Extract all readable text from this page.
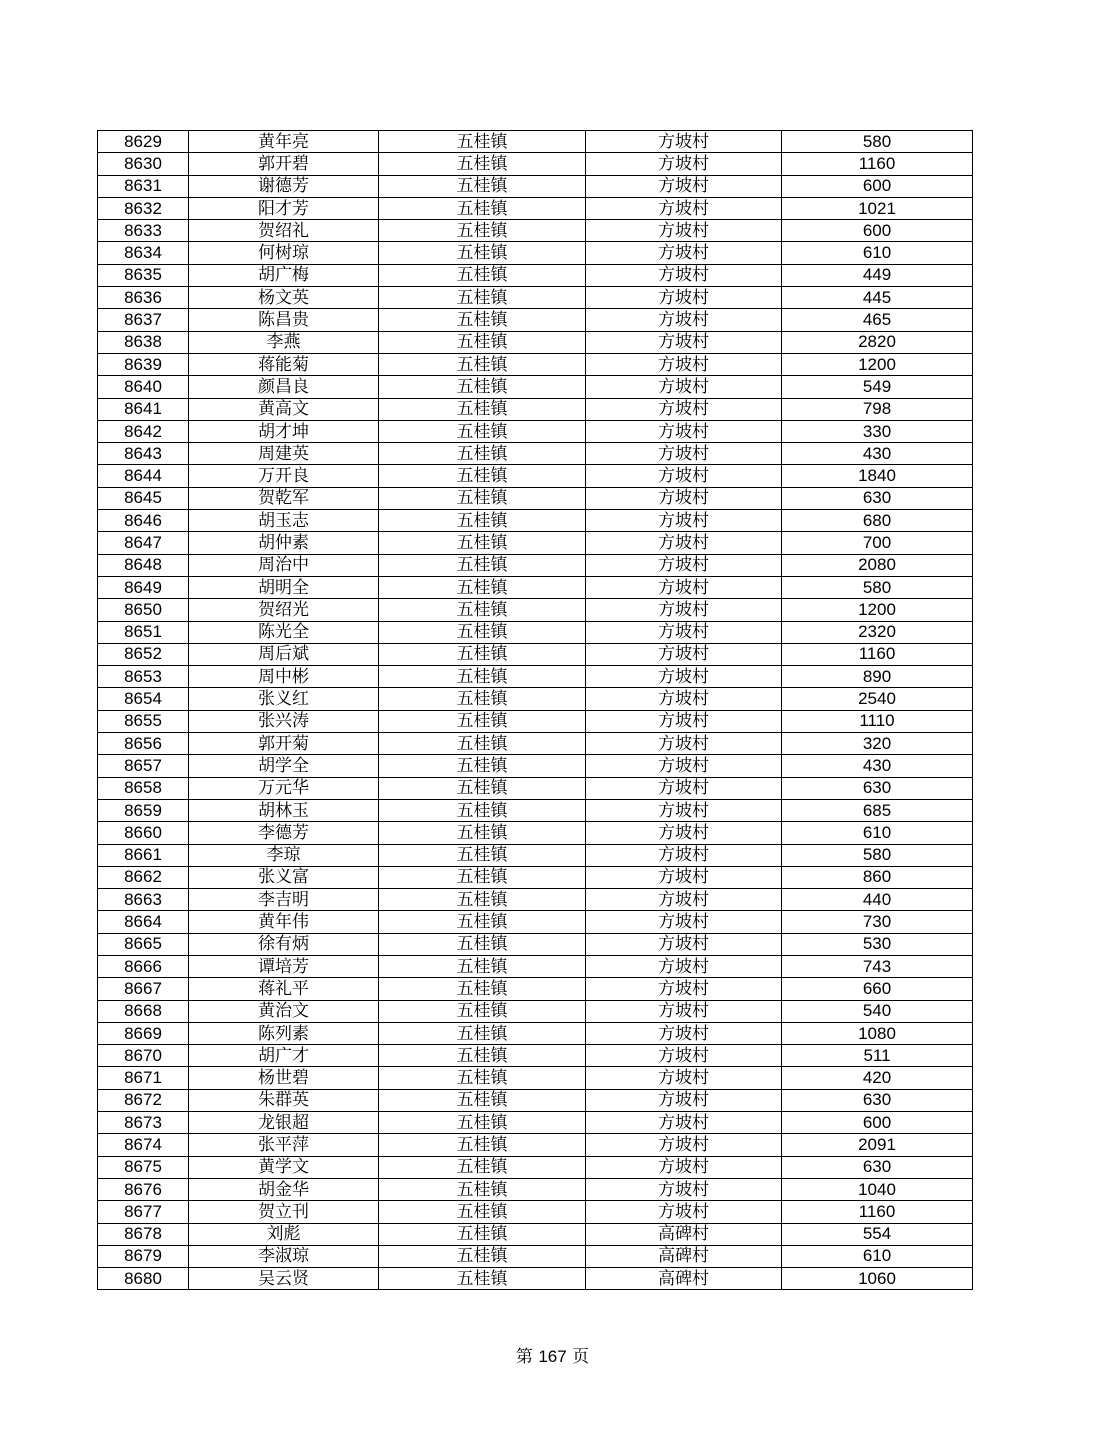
8629	黄年亮	五桂镇	方坡村	580
8630	郭开碧	五桂镇	方坡村	1160
8631	谢德芳	五桂镇	方坡村	600
8632	阳才芳	五桂镇	方坡村	1021
8633	贺绍礼	五桂镇	方坡村	600
8634	何树琼	五桂镇	方坡村	610
8635	胡广梅	五桂镇	方坡村	449
8636	杨文英	五桂镇	方坡村	445
8637	陈昌贵	五桂镇	方坡村	465
8638	李燕	五桂镇	方坡村	2820
8639	蒋能菊	五桂镇	方坡村	1200
8640	颜昌良	五桂镇	方坡村	549
8641	黄高文	五桂镇	方坡村	798
8642	胡才坤	五桂镇	方坡村	330
8643	周建英	五桂镇	方坡村	430
8644	万开良	五桂镇	方坡村	1840
8645	贺乾军	五桂镇	方坡村	630
8646	胡玉志	五桂镇	方坡村	680
8647	胡仲素	五桂镇	方坡村	700
8648	周治中	五桂镇	方坡村	2080
8649	胡明全	五桂镇	方坡村	580
8650	贺绍光	五桂镇	方坡村	1200
8651	陈光全	五桂镇	方坡村	2320
8652	周后斌	五桂镇	方坡村	1160
8653	周中彬	五桂镇	方坡村	890
8654	张义红	五桂镇	方坡村	2540
8655	张兴涛	五桂镇	方坡村	1110
8656	郭开菊	五桂镇	方坡村	320
8657	胡学全	五桂镇	方坡村	430
8658	万元华	五桂镇	方坡村	630
8659	胡林玉	五桂镇	方坡村	685
8660	李德芳	五桂镇	方坡村	610
8661	李琼	五桂镇	方坡村	580
8662	张义富	五桂镇	方坡村	860
8663	李吉明	五桂镇	方坡村	440
8664	黄年伟	五桂镇	方坡村	730
8665	徐有炳	五桂镇	方坡村	530
8666	谭培芳	五桂镇	方坡村	743
8667	蒋礼平	五桂镇	方坡村	660
8668	黄治文	五桂镇	方坡村	540
8669	陈列素	五桂镇	方坡村	1080
8670	胡广才	五桂镇	方坡村	511
8671	杨世碧	五桂镇	方坡村	420
8672	朱群英	五桂镇	方坡村	630
8673	龙银超	五桂镇	方坡村	600
8674	张平萍	五桂镇	方坡村	2091
8675	黄学文	五桂镇	方坡村	630
8676	胡金华	五桂镇	方坡村	1040
8677	贺立刊	五桂镇	方坡村	1160
8678	刘彪	五桂镇	高碑村	554
8679	李淑琼	五桂镇	高碑村	610
8680	吴云贤	五桂镇	高碑村	1060
第 167 页
